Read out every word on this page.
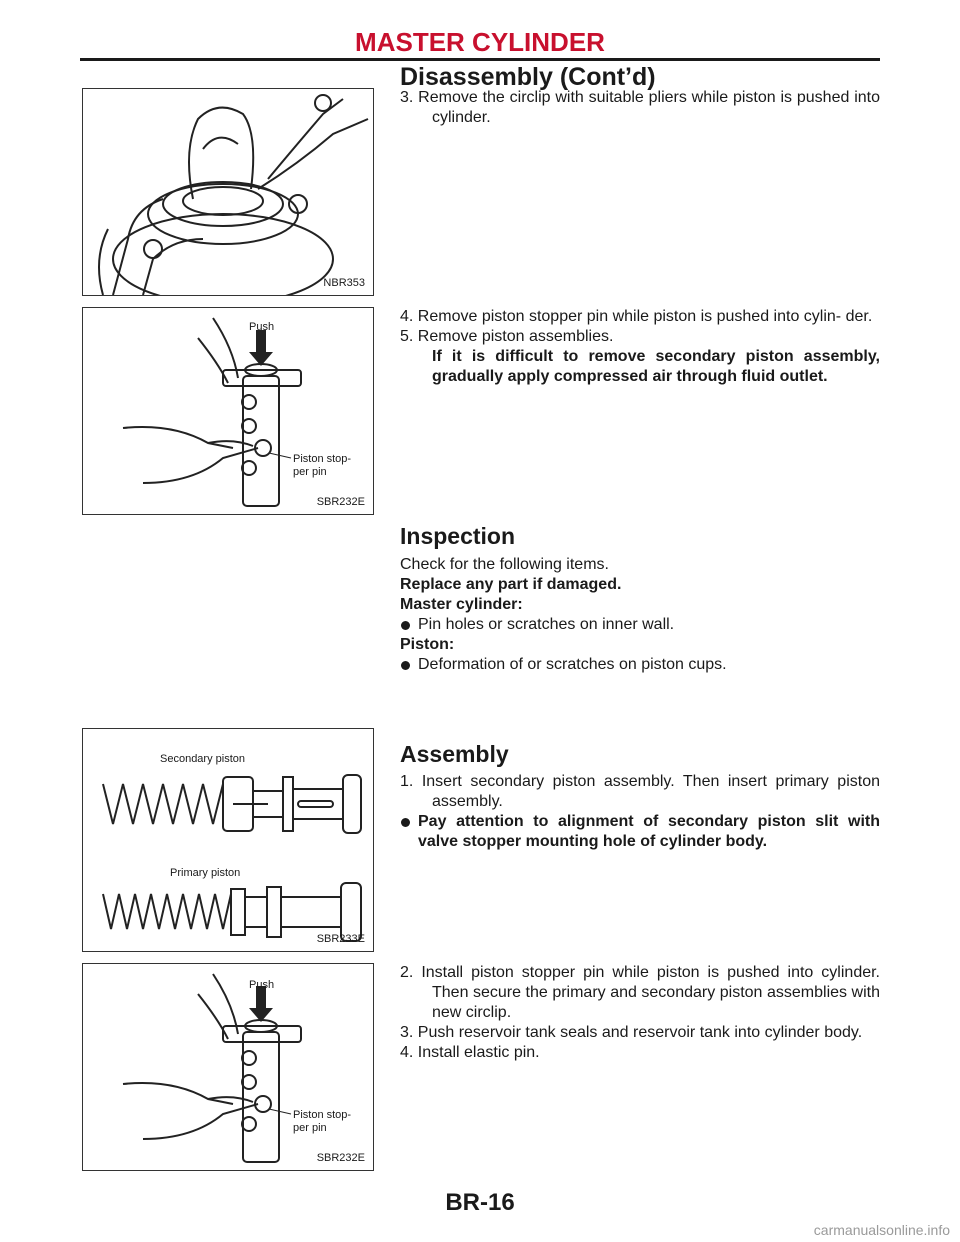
MASTER CYLINDER
Disassembly (Cont’d)
NBR353
Push
Piston stop-
per pin
SBR232E
Secondary piston
Primary piston
SBR233E
Push
Piston stop-
per pin
SBR232E
3. Remove the circlip with suitable pliers while piston is pushed into cylinder.
4. Remove piston stopper pin while piston is pushed into cylin- der.
5. Remove piston assemblies.
If it is difficult to remove secondary piston assembly, gradually apply compressed air through fluid outlet.
Inspection
Check for the following items.
Replace any part if damaged.
Master cylinder:
Pin holes or scratches on inner wall.
Piston:
Deformation of or scratches on piston cups.
Assembly
1. Insert secondary piston assembly. Then insert primary piston assembly.
Pay attention to alignment of secondary piston slit with valve stopper mounting hole of cylinder body.
2. Install piston stopper pin while piston is pushed into cylinder. Then secure the primary and secondary piston assemblies with new circlip.
3. Push reservoir tank seals and reservoir tank into cylinder body.
4. Install elastic pin.
BR-16
carmanualsonline.info
